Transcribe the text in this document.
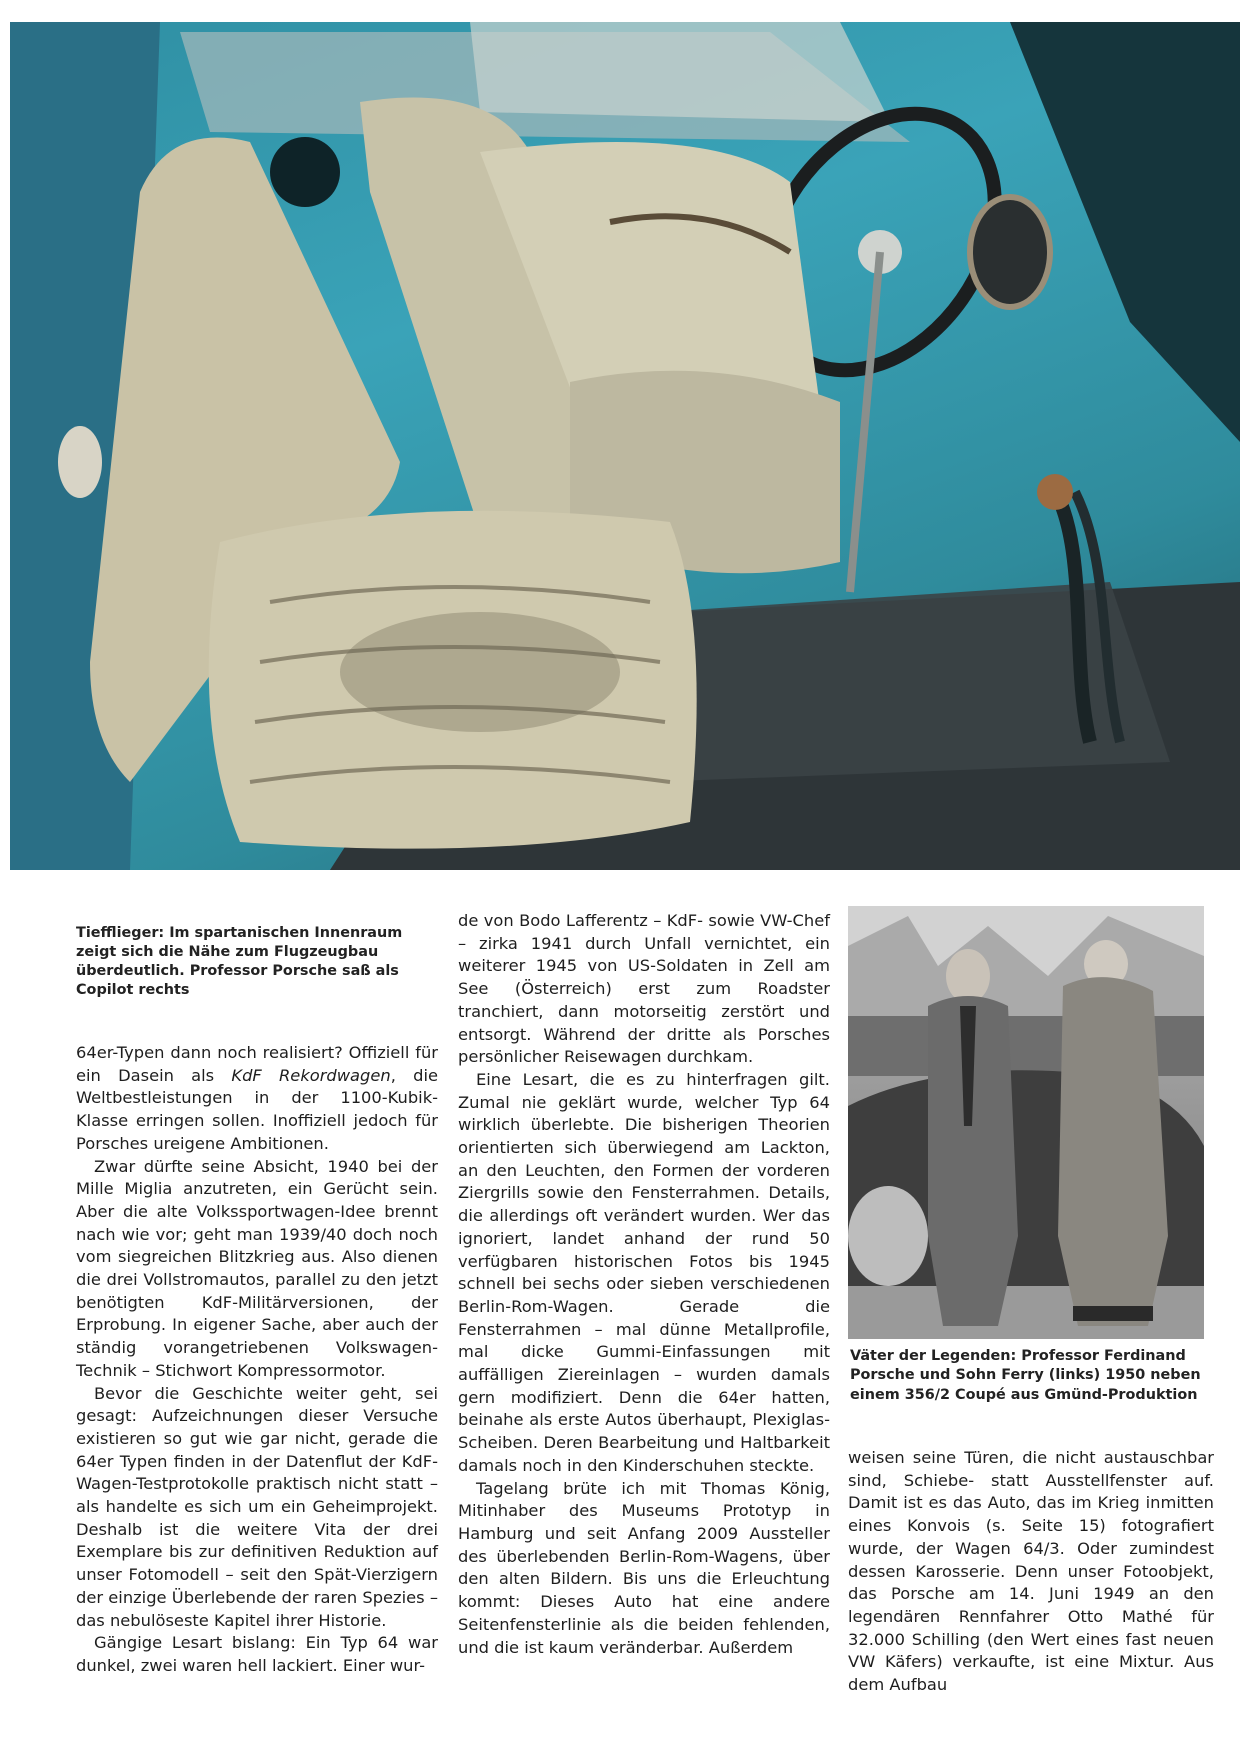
Tiefflieger: Im spartanischen Innenraum zeigt sich die Nähe zum Flugzeugbau überdeutlich. Professor Porsche saß als Copilot rechts

64er-Typen dann noch realisiert? Offiziell für ein Dasein als KdF Rekordwagen, die Weltbestleistungen in der 1100-Kubik-Klasse erringen sollen. Inoffiziell jedoch für Porsches ureigene Ambitionen.

Zwar dürfte seine Absicht, 1940 bei der Mille Miglia anzutreten, ein Gerücht sein. Aber die alte Volkssportwagen-Idee brennt nach wie vor; geht man 1939/40 doch noch vom siegreichen Blitzkrieg aus. Also dienen die drei Vollstromautos, parallel zu den jetzt benötigten KdF-Militärversionen, der Erprobung. In eigener Sache, aber auch der ständig vorangetriebenen Volkswagen-Technik – Stichwort Kompressormotor.

Bevor die Geschichte weiter geht, sei gesagt: Aufzeichnungen dieser Versuche existieren so gut wie gar nicht, gerade die 64er Typen finden in der Datenflut der KdF-Wagen-Testprotokolle praktisch nicht statt – als handelte es sich um ein Geheimprojekt. Deshalb ist die weitere Vita der drei Exemplare bis zur definitiven Reduktion auf unser Fotomodell – seit den Spät-Vierzigern der einzige Überlebende der raren Spezies – das nebulöseste Kapitel ihrer Historie.

Gängige Lesart bislang: Ein Typ 64 war dunkel, zwei waren hell lackiert. Einer wur-

de von Bodo Lafferentz – KdF- sowie VW-Chef – zirka 1941 durch Unfall vernichtet, ein weiterer 1945 von US-Soldaten in Zell am See (Österreich) erst zum Roadster tranchiert, dann motorseitig zerstört und entsorgt. Während der dritte als Porsches persönlicher Reisewagen durchkam.

Eine Lesart, die es zu hinterfragen gilt. Zumal nie geklärt wurde, welcher Typ 64 wirklich überlebte. Die bisherigen Theorien orientierten sich überwiegend am Lackton, an den Leuchten, den Formen der vorderen Ziergrills sowie den Fensterrahmen. Details, die allerdings oft verändert wurden. Wer das ignoriert, landet anhand der rund 50 verfügbaren historischen Fotos bis 1945 schnell bei sechs oder sieben verschiedenen Berlin-Rom-Wagen. Gerade die Fensterrahmen – mal dünne Metallprofile, mal dicke Gummi-Einfassungen mit auffälligen Ziereinlagen – wurden damals gern modifiziert. Denn die 64er hatten, beinahe als erste Autos überhaupt, Plexiglas-Scheiben. Deren Bearbeitung und Haltbarkeit damals noch in den Kinderschuhen steckte.

Tagelang brüte ich mit Thomas König, Mitinhaber des Museums Prototyp in Hamburg und seit Anfang 2009 Aussteller des überlebenden Berlin-Rom-Wagens, über den alten Bildern. Bis uns die Erleuchtung kommt: Dieses Auto hat eine andere Seitenfensterlinie als die beiden fehlenden, und die ist kaum veränderbar. Außerdem

Väter der Legenden: Professor Ferdinand Porsche und Sohn Ferry (links) 1950 neben einem 356/2 Coupé aus Gmünd-Produktion

weisen seine Türen, die nicht austauschbar sind, Schiebe- statt Ausstellfenster auf. Damit ist es das Auto, das im Krieg inmitten eines Konvois (s. Seite 15) fotografiert wurde, der Wagen 64/3. Oder zumindest dessen Karosserie. Denn unser Fotoobjekt, das Porsche am 14. Juni 1949 an den legendären Rennfahrer Otto Mathé für 32.000 Schilling (den Wert eines fast neuen VW Käfers) verkaufte, ist eine Mixtur. Aus dem Aufbau
